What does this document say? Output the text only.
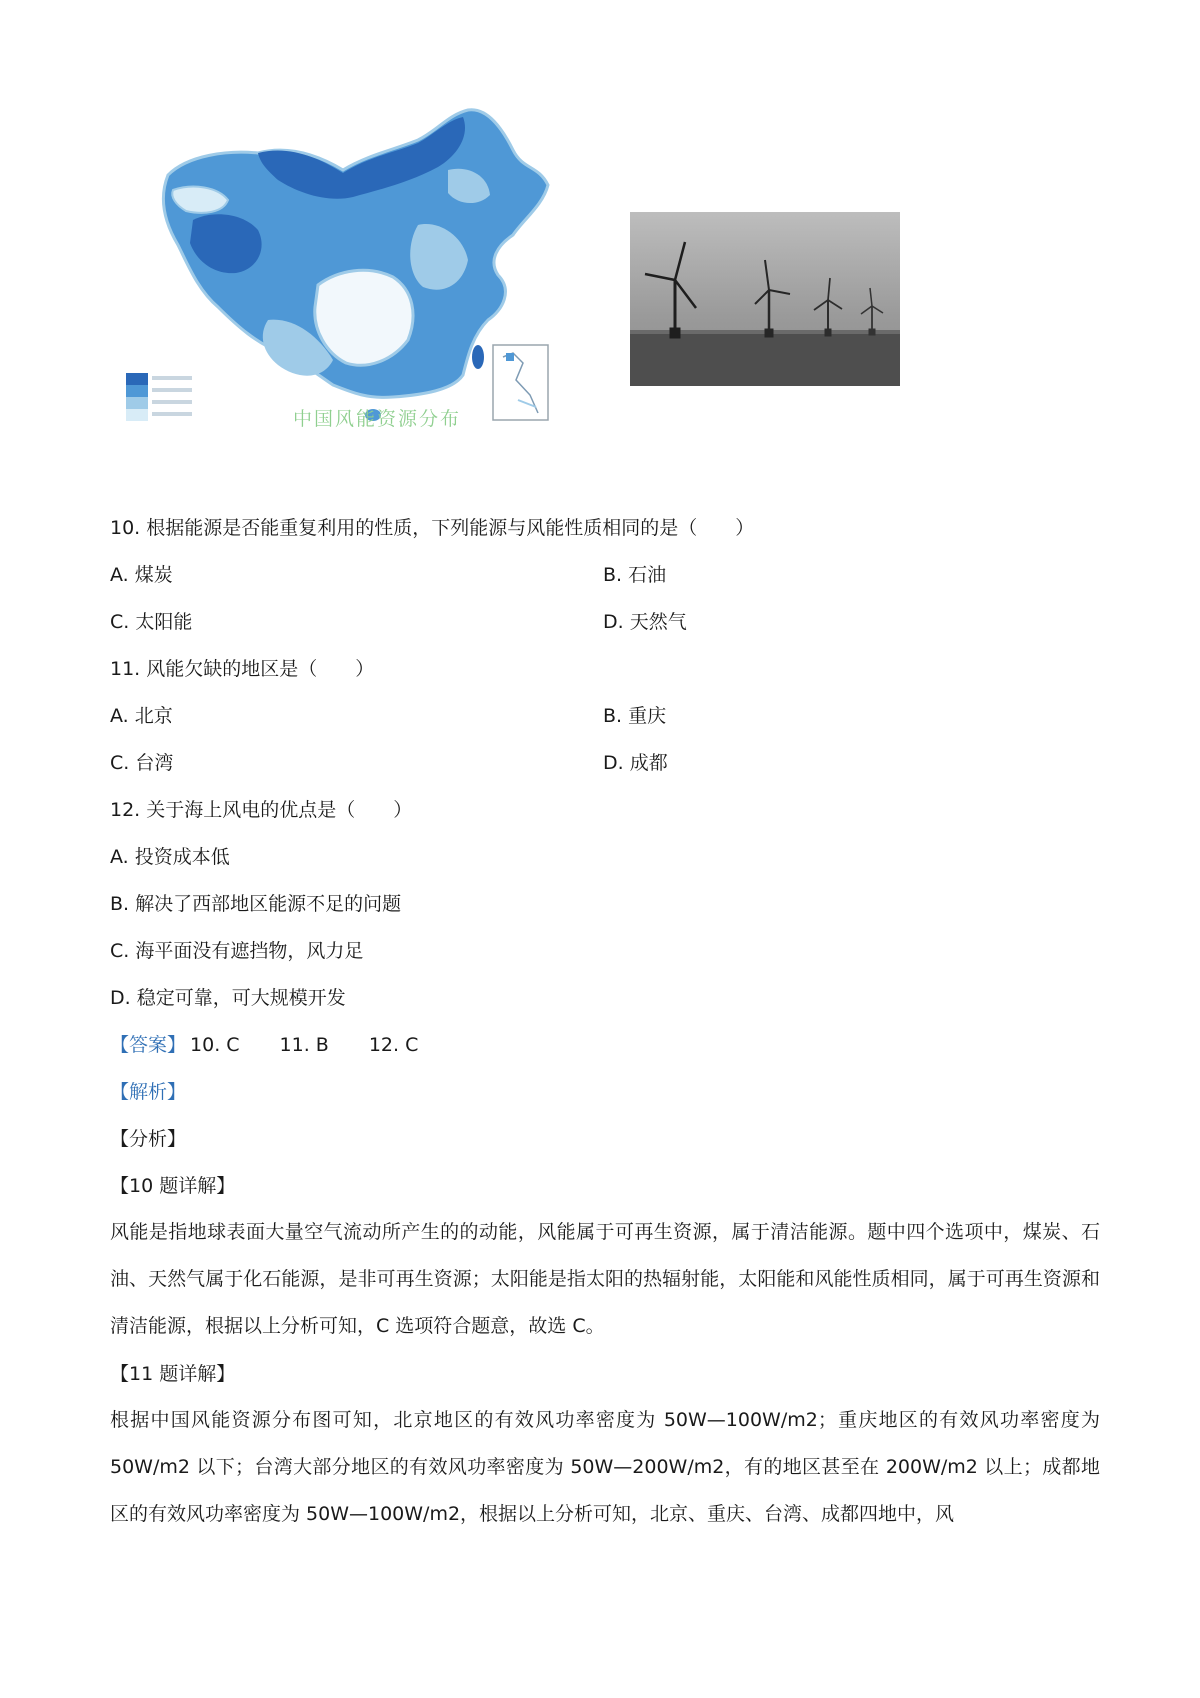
中国风能资源分布
10. 根据能源是否能重复利用的性质，下列能源与风能性质相同的是（　　）
A. 煤炭	B. 石油
C. 太阳能	D. 天然气
11. 风能欠缺的地区是（　　）
A. 北京	B. 重庆
C. 台湾	D. 成都
12. 关于海上风电的优点是（　　）
A. 投资成本低
B. 解决了西部地区能源不足的问题
C. 海平面没有遮挡物，风力足
D. 稳定可靠，可大规模开发
【答案】 10. C 11. B 12. C
【解析】
【分析】
【10 题详解】
风能是指地球表面大量空气流动所产生的的动能，风能属于可再生资源，属于清洁能源。题中四个选项中，煤炭、石油、天然气属于化石能源，是非可再生资源；太阳能是指太阳的热辐射能，太阳能和风能性质相同，属于可再生资源和清洁能源，根据以上分析可知，C 选项符合题意，故选 C。
【11 题详解】
根据中国风能资源分布图可知，北京地区的有效风功率密度为 50W—100W/m2；重庆地区的有效风功率密度为 50W/m2 以下；台湾大部分地区的有效风功率密度为 50W—200W/m2，有的地区甚至在 200W/m2 以上；成都地区的有效风功率密度为 50W—100W/m2，根据以上分析可知，北京、重庆、台湾、成都四地中，风
